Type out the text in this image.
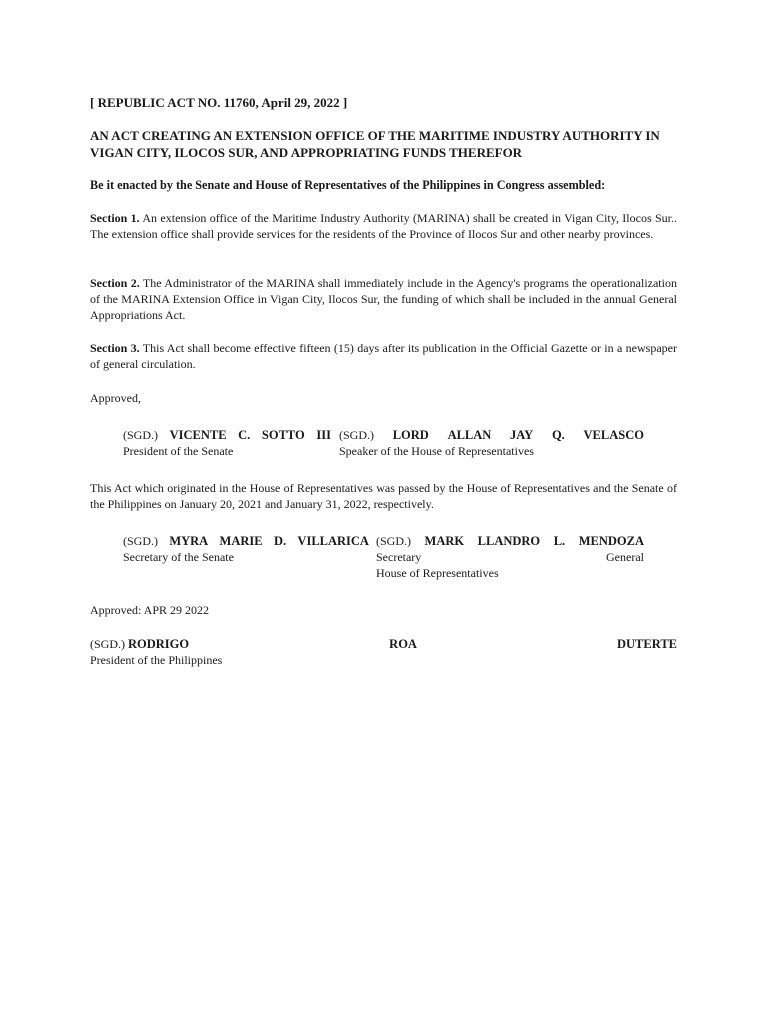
[ REPUBLIC ACT NO. 11760, April 29, 2022 ]
AN ACT CREATING AN EXTENSION OFFICE OF THE MARITIME INDUSTRY AUTHORITY IN VIGAN CITY, ILOCOS SUR, AND APPROPRIATING FUNDS THEREFOR
Be it enacted by the Senate and House of Representatives of the Philippines in Congress assembled:
Section 1. An extension office of the Maritime Industry Authority (MARINA) shall be created in Vigan City, Ilocos Sur.. The extension office shall provide services for the residents of the Province of Ilocos Sur and other nearby provinces.
Section 2. The Administrator of the MARINA shall immediately include in the Agency's programs the operationalization of the MARINA Extension Office in Vigan City, Ilocos Sur, the funding of which shall be included in the annual General Appropriations Act.
Section 3. This Act shall become effective fifteen (15) days after its publication in the Official Gazette or in a newspaper of general circulation.
Approved,
(SGD.) VICENTE C. SOTTO III
President of the Senate
(SGD.) LORD ALLAN JAY Q. VELASCO
Speaker of the House of Representatives
This Act which originated in the House of Representatives was passed by the House of Representatives and the Senate of the Philippines on January 20, 2021 and January 31, 2022, respectively.
(SGD.) MYRA MARIE D. VILLARICA
Secretary of the Senate
(SGD.) MARK LLANDRO L. MENDOZA
Secretary	General
House of Representatives
Approved: APR 29 2022
(SGD.) RODRIGO	ROA	DUTERTE
President of the Philippines
